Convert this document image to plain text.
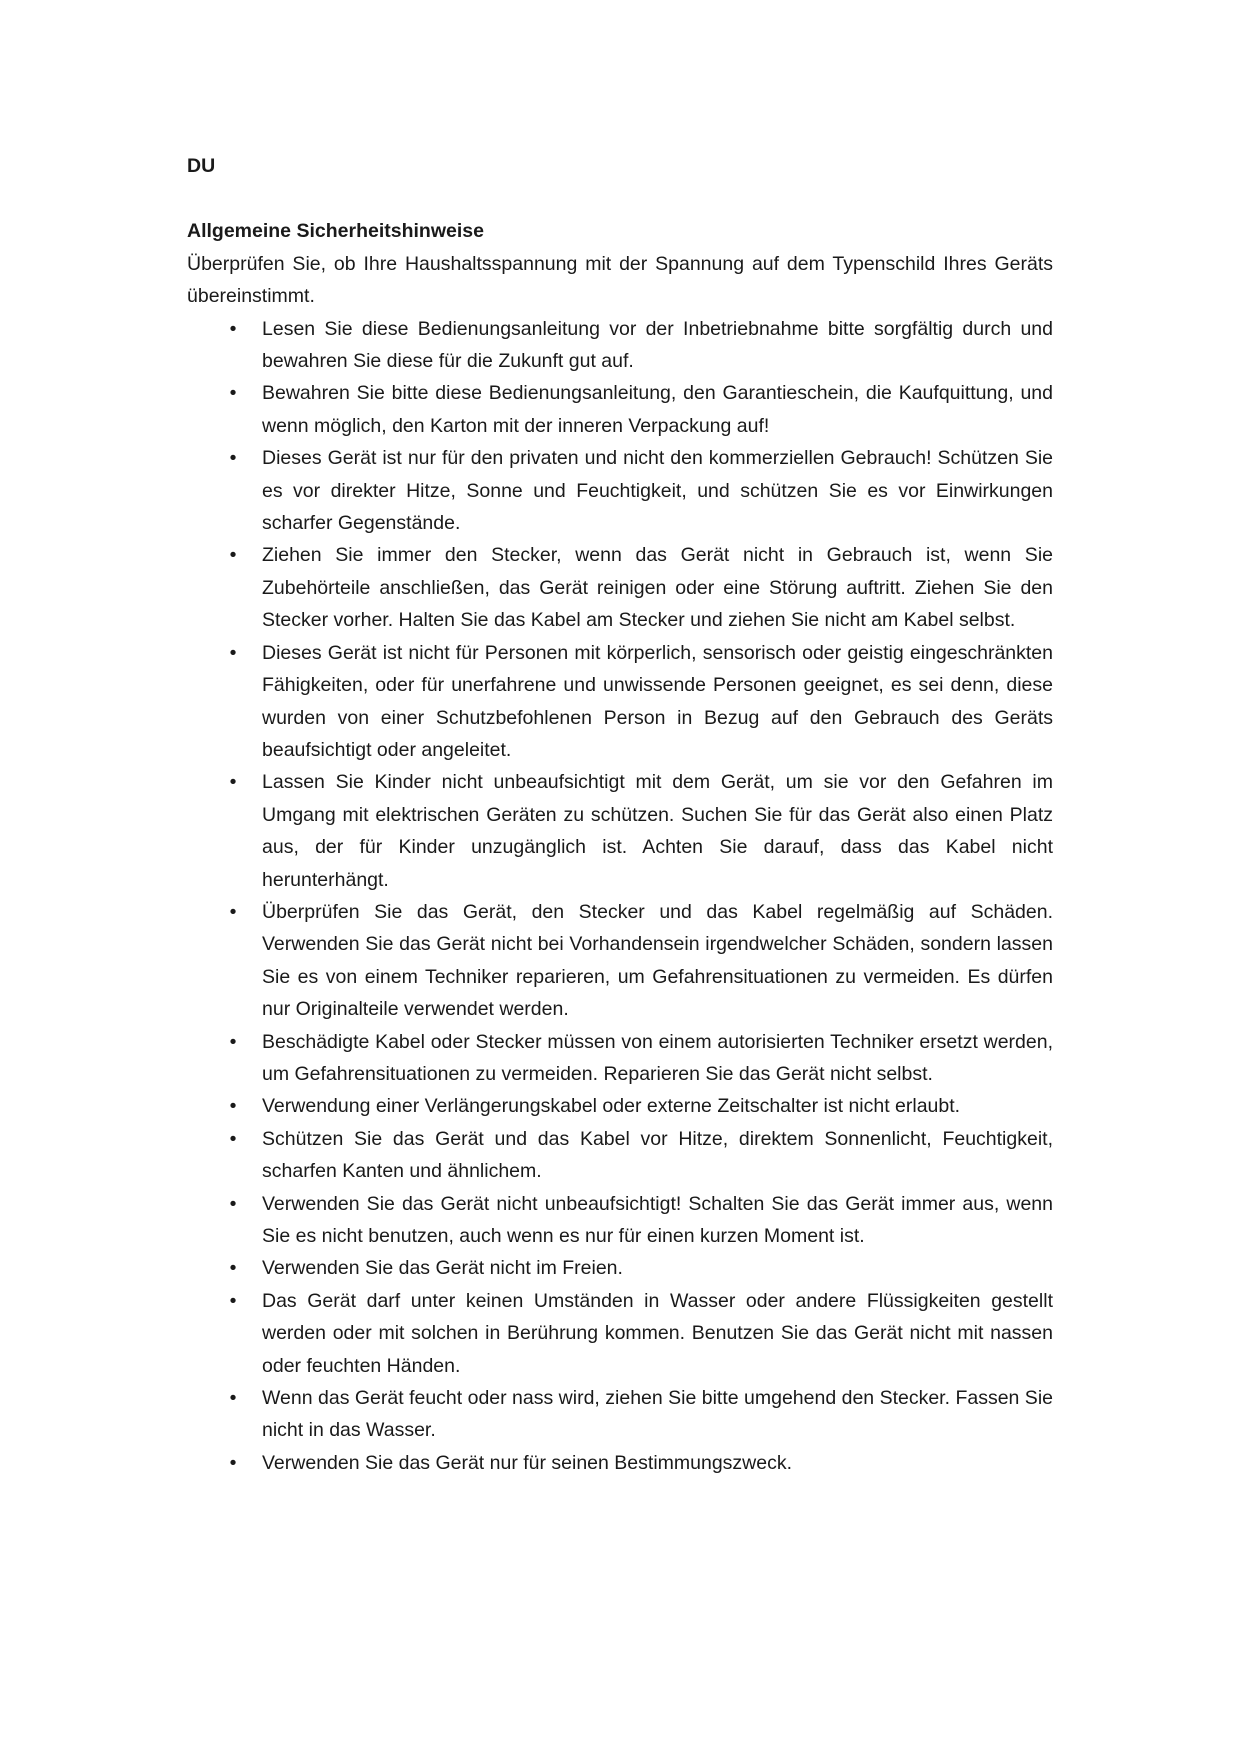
DU

Allgemeine Sicherheitshinweise

Überprüfen Sie, ob Ihre Haushaltsspannung mit der Spannung auf dem Typenschild Ihres Geräts übereinstimmt.

•	Lesen Sie diese Bedienungsanleitung vor der Inbetriebnahme bitte sorgfältig durch und bewahren Sie diese für die Zukunft gut auf.
•	Bewahren Sie bitte diese Bedienungsanleitung, den Garantieschein, die Kaufquittung, und wenn möglich, den Karton mit der inneren Verpackung auf!
•	Dieses Gerät ist nur für den privaten und nicht den kommerziellen Gebrauch! Schützen Sie es vor direkter Hitze, Sonne und Feuchtigkeit, und schützen Sie es vor Einwirkungen scharfer Gegenstände.
•	Ziehen Sie immer den Stecker, wenn das Gerät nicht in Gebrauch ist, wenn Sie Zubehörteile anschließen, das Gerät reinigen oder eine Störung auftritt. Ziehen Sie den Stecker vorher. Halten Sie das Kabel am Stecker und ziehen Sie nicht am Kabel selbst.
•	Dieses Gerät ist nicht für Personen mit körperlich, sensorisch oder geistig eingeschränkten Fähigkeiten, oder für unerfahrene und unwissende Personen geeignet, es sei denn, diese wurden von einer Schutzbefohlenen Person in Bezug auf den Gebrauch des Geräts beaufsichtigt oder angeleitet.
•	Lassen Sie Kinder nicht unbeaufsichtigt mit dem Gerät, um sie vor den Gefahren im Umgang mit elektrischen Geräten zu schützen. Suchen Sie für das Gerät also einen Platz aus, der für Kinder unzugänglich ist. Achten Sie darauf, dass das Kabel nicht herunterhängt.
•	Überprüfen Sie das Gerät, den Stecker und das Kabel regelmäßig auf Schäden. Verwenden Sie das Gerät nicht bei Vorhandensein irgendwelcher Schäden, sondern lassen Sie es von einem Techniker reparieren, um Gefahrensituationen zu vermeiden. Es dürfen nur Originalteile verwendet werden.
•	Beschädigte Kabel oder Stecker müssen von einem autorisierten Techniker ersetzt werden, um Gefahrensituationen zu vermeiden. Reparieren Sie das Gerät nicht selbst.
•	Verwendung einer Verlängerungskabel oder externe Zeitschalter ist nicht erlaubt.
•	Schützen Sie das Gerät und das Kabel vor Hitze, direktem Sonnenlicht, Feuchtigkeit, scharfen Kanten und ähnlichem.
•	Verwenden Sie das Gerät nicht unbeaufsichtigt! Schalten Sie das Gerät immer aus, wenn Sie es nicht benutzen, auch wenn es nur für einen kurzen Moment ist.
•	Verwenden Sie das Gerät nicht im Freien.
•	Das Gerät darf unter keinen Umständen in Wasser oder andere Flüssigkeiten gestellt werden oder mit solchen in Berührung kommen. Benutzen Sie das Gerät nicht mit nassen oder feuchten Händen.
•	Wenn das Gerät feucht oder nass wird, ziehen Sie bitte umgehend den Stecker. Fassen Sie nicht in das Wasser.
•	Verwenden Sie das Gerät nur für seinen Bestimmungszweck.
